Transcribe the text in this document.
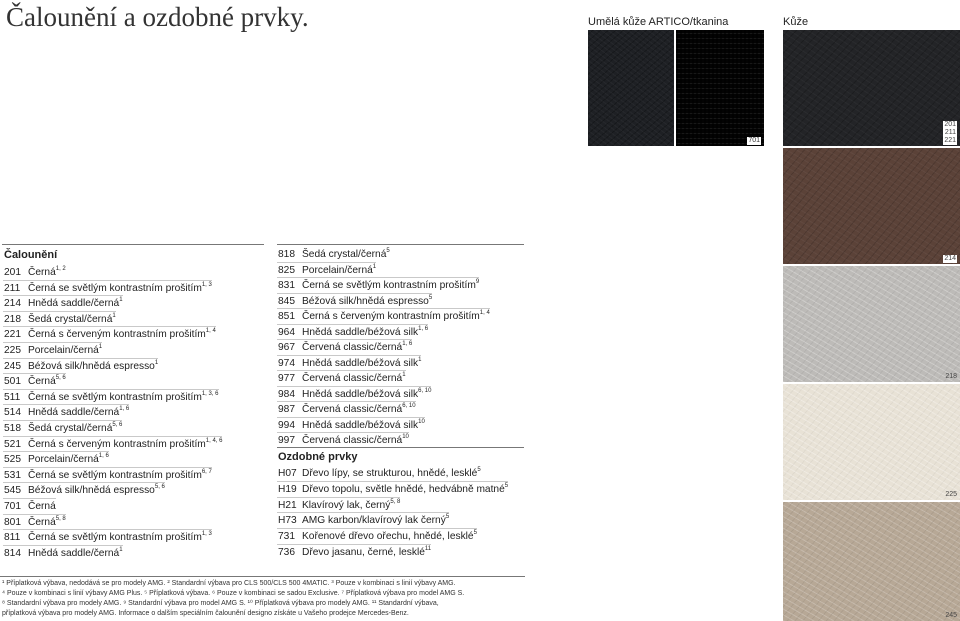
Čalounění a ozdobné prvky.	Umělá kůže ARTICO/tkanina	Kůže
701
201
211
221
214
218
225
245
Čalounění
201 Černá$^{1, 2}$
211 Černá se světlým kontrastním prošitím$^{1, 3}$
214 Hnědá saddle/černá$^1$
218 Šedá crystal/černá$^1$
221 Černá s červeným kontrastním prošitím$^{1, 4}$
225 Porcelain/černá$^1$
245 Béžová silk/hnědá espresso$^1$
501 Černá$^{5, 6}$
511 Černá se světlým kontrastním prošitím$^{1, 3, 6}$
514 Hnědá saddle/černá$^{1, 6}$
518 Šedá crystal/černá$^{5, 6}$
521 Černá s červeným kontrastním prošitím$^{1, 4, 6}$
525 Porcelain/černá$^{1, 6}$
531 Černá se světlým kontrastním prošitím$^{6, 7}$
545 Béžová silk/hnědá espresso$^{5, 6}$
701 Černá
801 Černá$^{5, 8}$
811 Černá se světlým kontrastním prošitím$^{1, 3}$
814 Hnědá saddle/černá$^1$
818 Šedá crystal/černá$^5$
825 Porcelain/černá$^1$
831 Černá se světlým kontrastním prošitím$^9$
845 Béžová silk/hnědá espresso$^5$
851 Černá s červeným kontrastním prošitím$^{1, 4}$
964 Hnědá saddle/béžová silk$^{1, 6}$
967 Červená classic/černá$^{1, 6}$
974 Hnědá saddle/béžová silk$^1$
977 Červená classic/černá$^1$
984 Hnědá saddle/béžová silk$^{6, 10}$
987 Červená classic/černá$^{6, 10}$
994 Hnědá saddle/béžová silk$^{10}$
997 Červená classic/černá$^{10}$
Ozdobné prvky
H07 Dřevo lípy, se strukturou, hnědé, lesklé$^5$
H19 Dřevo topolu, světle hnědé, hedvábně matné$^5$
H21 Klavírový lak, černý$^{5, 8}$
H73 AMG karbon/klavírový lak černý$^5$
731 Kořenové dřevo ořechu, hnědé, lesklé$^5$
736 Dřevo jasanu, černé, lesklé$^{11}$
¹ Příplatková výbava, nedodává se pro modely AMG. ² Standardní výbava pro CLS 500/CLS 500 4MATIC. ³ Pouze v kombinaci s linií výbavy AMG.
⁴ Pouze v kombinaci s linií výbavy AMG Plus. ⁵ Příplatková výbava. ⁶ Pouze v kombinaci se sadou Exclusive. ⁷ Příplatková výbava pro model AMG S.
⁸ Standardní výbava pro modely AMG. ⁹ Standardní výbava pro model AMG S. ¹⁰ Příplatková výbava pro modely AMG. ¹¹ Standardní výbava,
příplatková výbava pro modely AMG. Informace o dalším speciálním čalounění designo získáte u Vašeho prodejce Mercedes-Benz.
